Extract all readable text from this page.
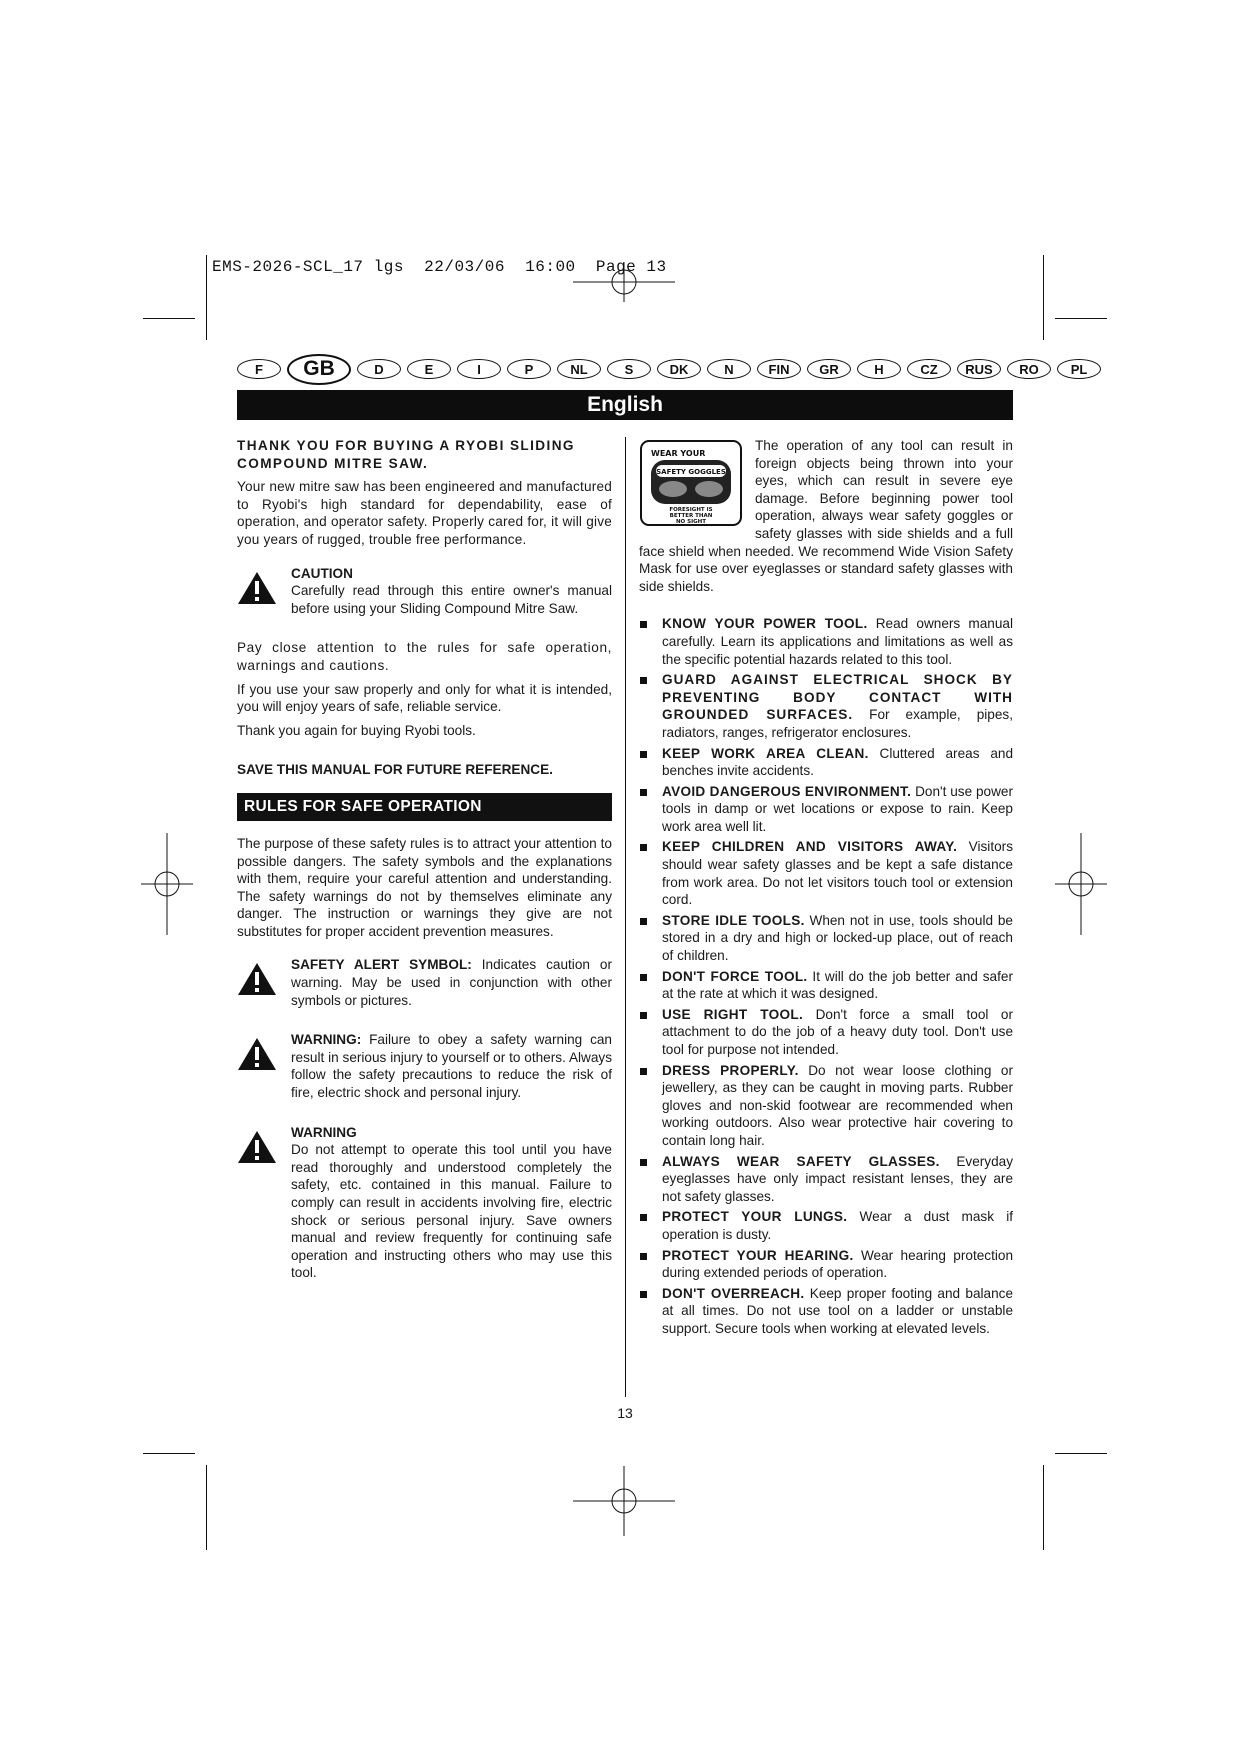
EMS-2026-SCL_17 lgs  22/03/06  16:00  Page 13
F	GB	D	E	I	P	NL	S	DK	N	FIN	GR	H	CZ	RUS	RO	PL
English
THANK YOU FOR BUYING A RYOBI SLIDING COMPOUND MITRE SAW.

Your new mitre saw has been engineered and manufactured to Ryobi's high standard for dependability, ease of operation, and operator safety. Properly cared for, it will give you years of rugged, trouble free performance.

CAUTION
Carefully read through this entire owner's manual before using your Sliding Compound Mitre Saw.

Pay close attention to the rules for safe operation, warnings and cautions.

If you use your saw properly and only for what it is intended, you will enjoy years of safe, reliable service.

Thank you again for buying Ryobi tools.

SAVE THIS MANUAL FOR FUTURE REFERENCE.
RULES FOR SAFE OPERATION

The purpose of these safety rules is to attract your attention to possible dangers. The safety symbols and the explanations with them, require your careful attention and understanding. The safety warnings do not by themselves eliminate any danger. The instruction or warnings they give are not substitutes for proper accident prevention measures.

SAFETY ALERT SYMBOL: Indicates caution or warning. May be used in conjunction with other symbols or pictures.
WARNING: Failure to obey a safety warning can result in serious injury to yourself or to others. Always follow the safety precautions to reduce the risk of fire, electric shock and personal injury.
WARNING
Do not attempt to operate this tool until you have read thoroughly and understood completely the safety, etc. contained in this manual. Failure to comply can result in accidents involving fire, electric shock or serious personal injury. Save owners manual and review frequently for continuing safe operation and instructing others who may use this tool.
WEAR YOUR
SAFETY GOGGLES
FORESIGHT IS
BETTER THAN
NO SIGHT
The operation of any tool can result in foreign objects being thrown into your eyes, which can result in severe eye damage. Before beginning power tool operation, always wear safety goggles or safety glasses with side shields and a full face shield when needed. We recommend Wide Vision Safety Mask for use over eyeglasses or standard safety glasses with side shields.
KNOW YOUR POWER TOOL. Read owners manual carefully. Learn its applications and limitations as well as the specific potential hazards related to this tool.
GUARD AGAINST ELECTRICAL SHOCK BY PREVENTING BODY CONTACT WITH GROUNDED SURFACES. For example, pipes, radiators, ranges, refrigerator enclosures.
KEEP WORK AREA CLEAN. Cluttered areas and benches invite accidents.
AVOID DANGEROUS ENVIRONMENT. Don't use power tools in damp or wet locations or expose to rain. Keep work area well lit.
KEEP CHILDREN AND VISITORS AWAY. Visitors should wear safety glasses and be kept a safe distance from work area. Do not let visitors touch tool or extension cord.
STORE IDLE TOOLS. When not in use, tools should be stored in a dry and high or locked-up place, out of reach of children.
DON'T FORCE TOOL. It will do the job better and safer at the rate at which it was designed.
USE RIGHT TOOL. Don't force a small tool or attachment to do the job of a heavy duty tool. Don't use tool for purpose not intended.
DRESS PROPERLY. Do not wear loose clothing or jewellery, as they can be caught in moving parts. Rubber gloves and non-skid footwear are recommended when working outdoors. Also wear protective hair covering to contain long hair.
ALWAYS WEAR SAFETY GLASSES. Everyday eyeglasses have only impact resistant lenses, they are not safety glasses.
PROTECT YOUR LUNGS. Wear a dust mask if operation is dusty.
PROTECT YOUR HEARING. Wear hearing protection during extended periods of operation.
DON'T OVERREACH. Keep proper footing and balance at all times. Do not use tool on a ladder or unstable support. Secure tools when working at elevated levels.
13
